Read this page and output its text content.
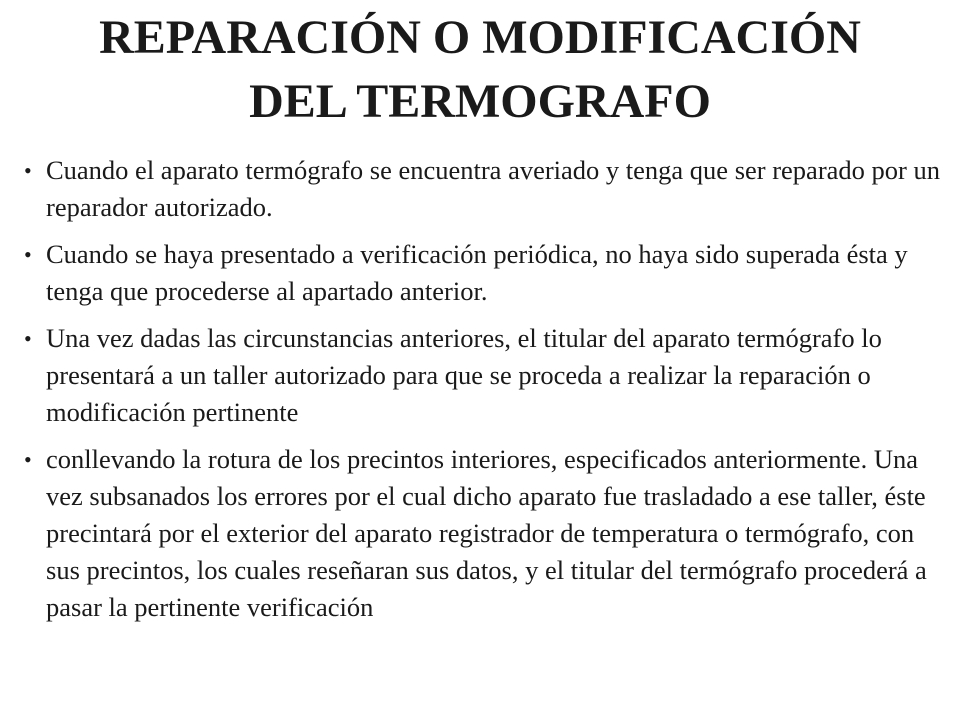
REPARACIÓN O MODIFICACIÓN
DEL TERMOGRAFO
• Cuando el aparato termógrafo se encuentra averiado y tenga que ser reparado por un reparador autorizado.
• Cuando se haya presentado a verificación periódica, no haya sido superada ésta y tenga que procederse al apartado anterior.
• Una vez dadas las circunstancias anteriores, el titular del aparato termógrafo lo presentará a un taller autorizado para que se proceda a realizar la reparación o modificación pertinente
• conllevando la rotura de los precintos interiores, especificados anteriormente. Una vez subsanados los errores por el cual dicho aparato fue trasladado a ese taller, éste precintará por el exterior del aparato registrador de temperatura o termógrafo, con sus precintos, los cuales reseñaran sus datos, y el titular del termógrafo procederá a pasar la pertinente verificación
